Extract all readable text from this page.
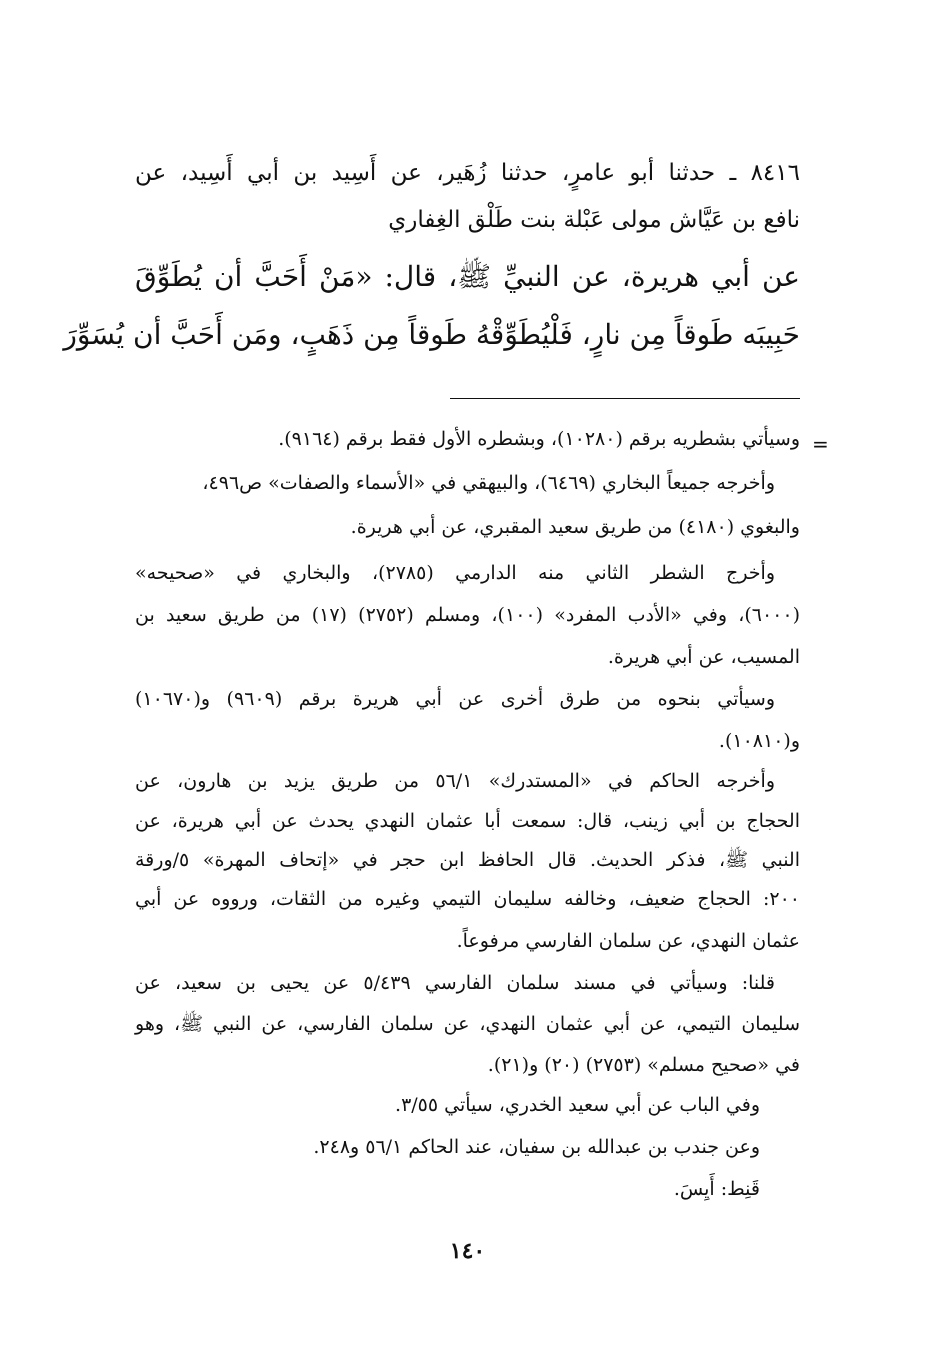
٨٤١٦ ـ حدثنا أبو عامرٍ، حدثنا زُهَير، عن أَسِيد بن أبي أَسِيد، عن
نافع بن عَيَّاش مولى عَبْلة بنت طَلْق الغِفاري
عن أبي هريرة، عن النبيِّ ﷺ، قال: «مَنْ أَحَبَّ أن يُطَوِّقَ
حَبِيبَه طَوقاً مِن نارٍ، فَلْيُطَوِّقْهُ طَوقاً مِن ذَهَبٍ، ومَن أَحَبَّ أن يُسَوِّرَ
=
وسيأتي بشطريه برقم (١٠٢٨٠)، وبشطره الأول فقط برقم (٩١٦٤).
وأخرجه جميعاً البخاري (٦٤٦٩)، والبيهقي في «الأسماء والصفات» ص٤٩٦،
والبغوي (٤١٨٠) من طريق سعيد المقبري، عن أبي هريرة.
وأخرج الشطر الثاني منه الدارمي (٢٧٨٥)، والبخاري في «صحيحه»
(٦٠٠٠)، وفي «الأدب المفرد» (١٠٠)، ومسلم (٢٧٥٢) (١٧) من طريق سعيد بن
المسيب، عن أبي هريرة.
وسيأتي بنحوه من طرق أخرى عن أبي هريرة برقم (٩٦٠٩) و(١٠٦٧٠)
و(١٠٨١٠).
وأخرجه الحاكم في «المستدرك» ٥٦/١ من طريق يزيد بن هارون، عن
الحجاج بن أبي زينب، قال: سمعت أبا عثمان النهدي يحدث عن أبي هريرة، عن
النبي ﷺ، فذكر الحديث. قال الحافظ ابن حجر في «إتحاف المهرة» ٥/ورقة
٢٠٠: الحجاج ضعيف، وخالفه سليمان التيمي وغيره من الثقات، ورووه عن أبي
عثمان النهدي، عن سلمان الفارسي مرفوعاً.
قلنا: وسيأتي في مسند سلمان الفارسي ٥/٤٣٩ عن يحيى بن سعيد، عن
سليمان التيمي، عن أبي عثمان النهدي، عن سلمان الفارسي، عن النبي ﷺ، وهو
في «صحيح مسلم» (٢٧٥٣) (٢٠) و(٢١).
وفي الباب عن أبي سعيد الخدري، سيأتي ٣/٥٥.
وعن جندب بن عبدالله بن سفيان، عند الحاكم ٥٦/١ و٢٤٨.
قَنِط: أَيِسَ.
١٤٠
